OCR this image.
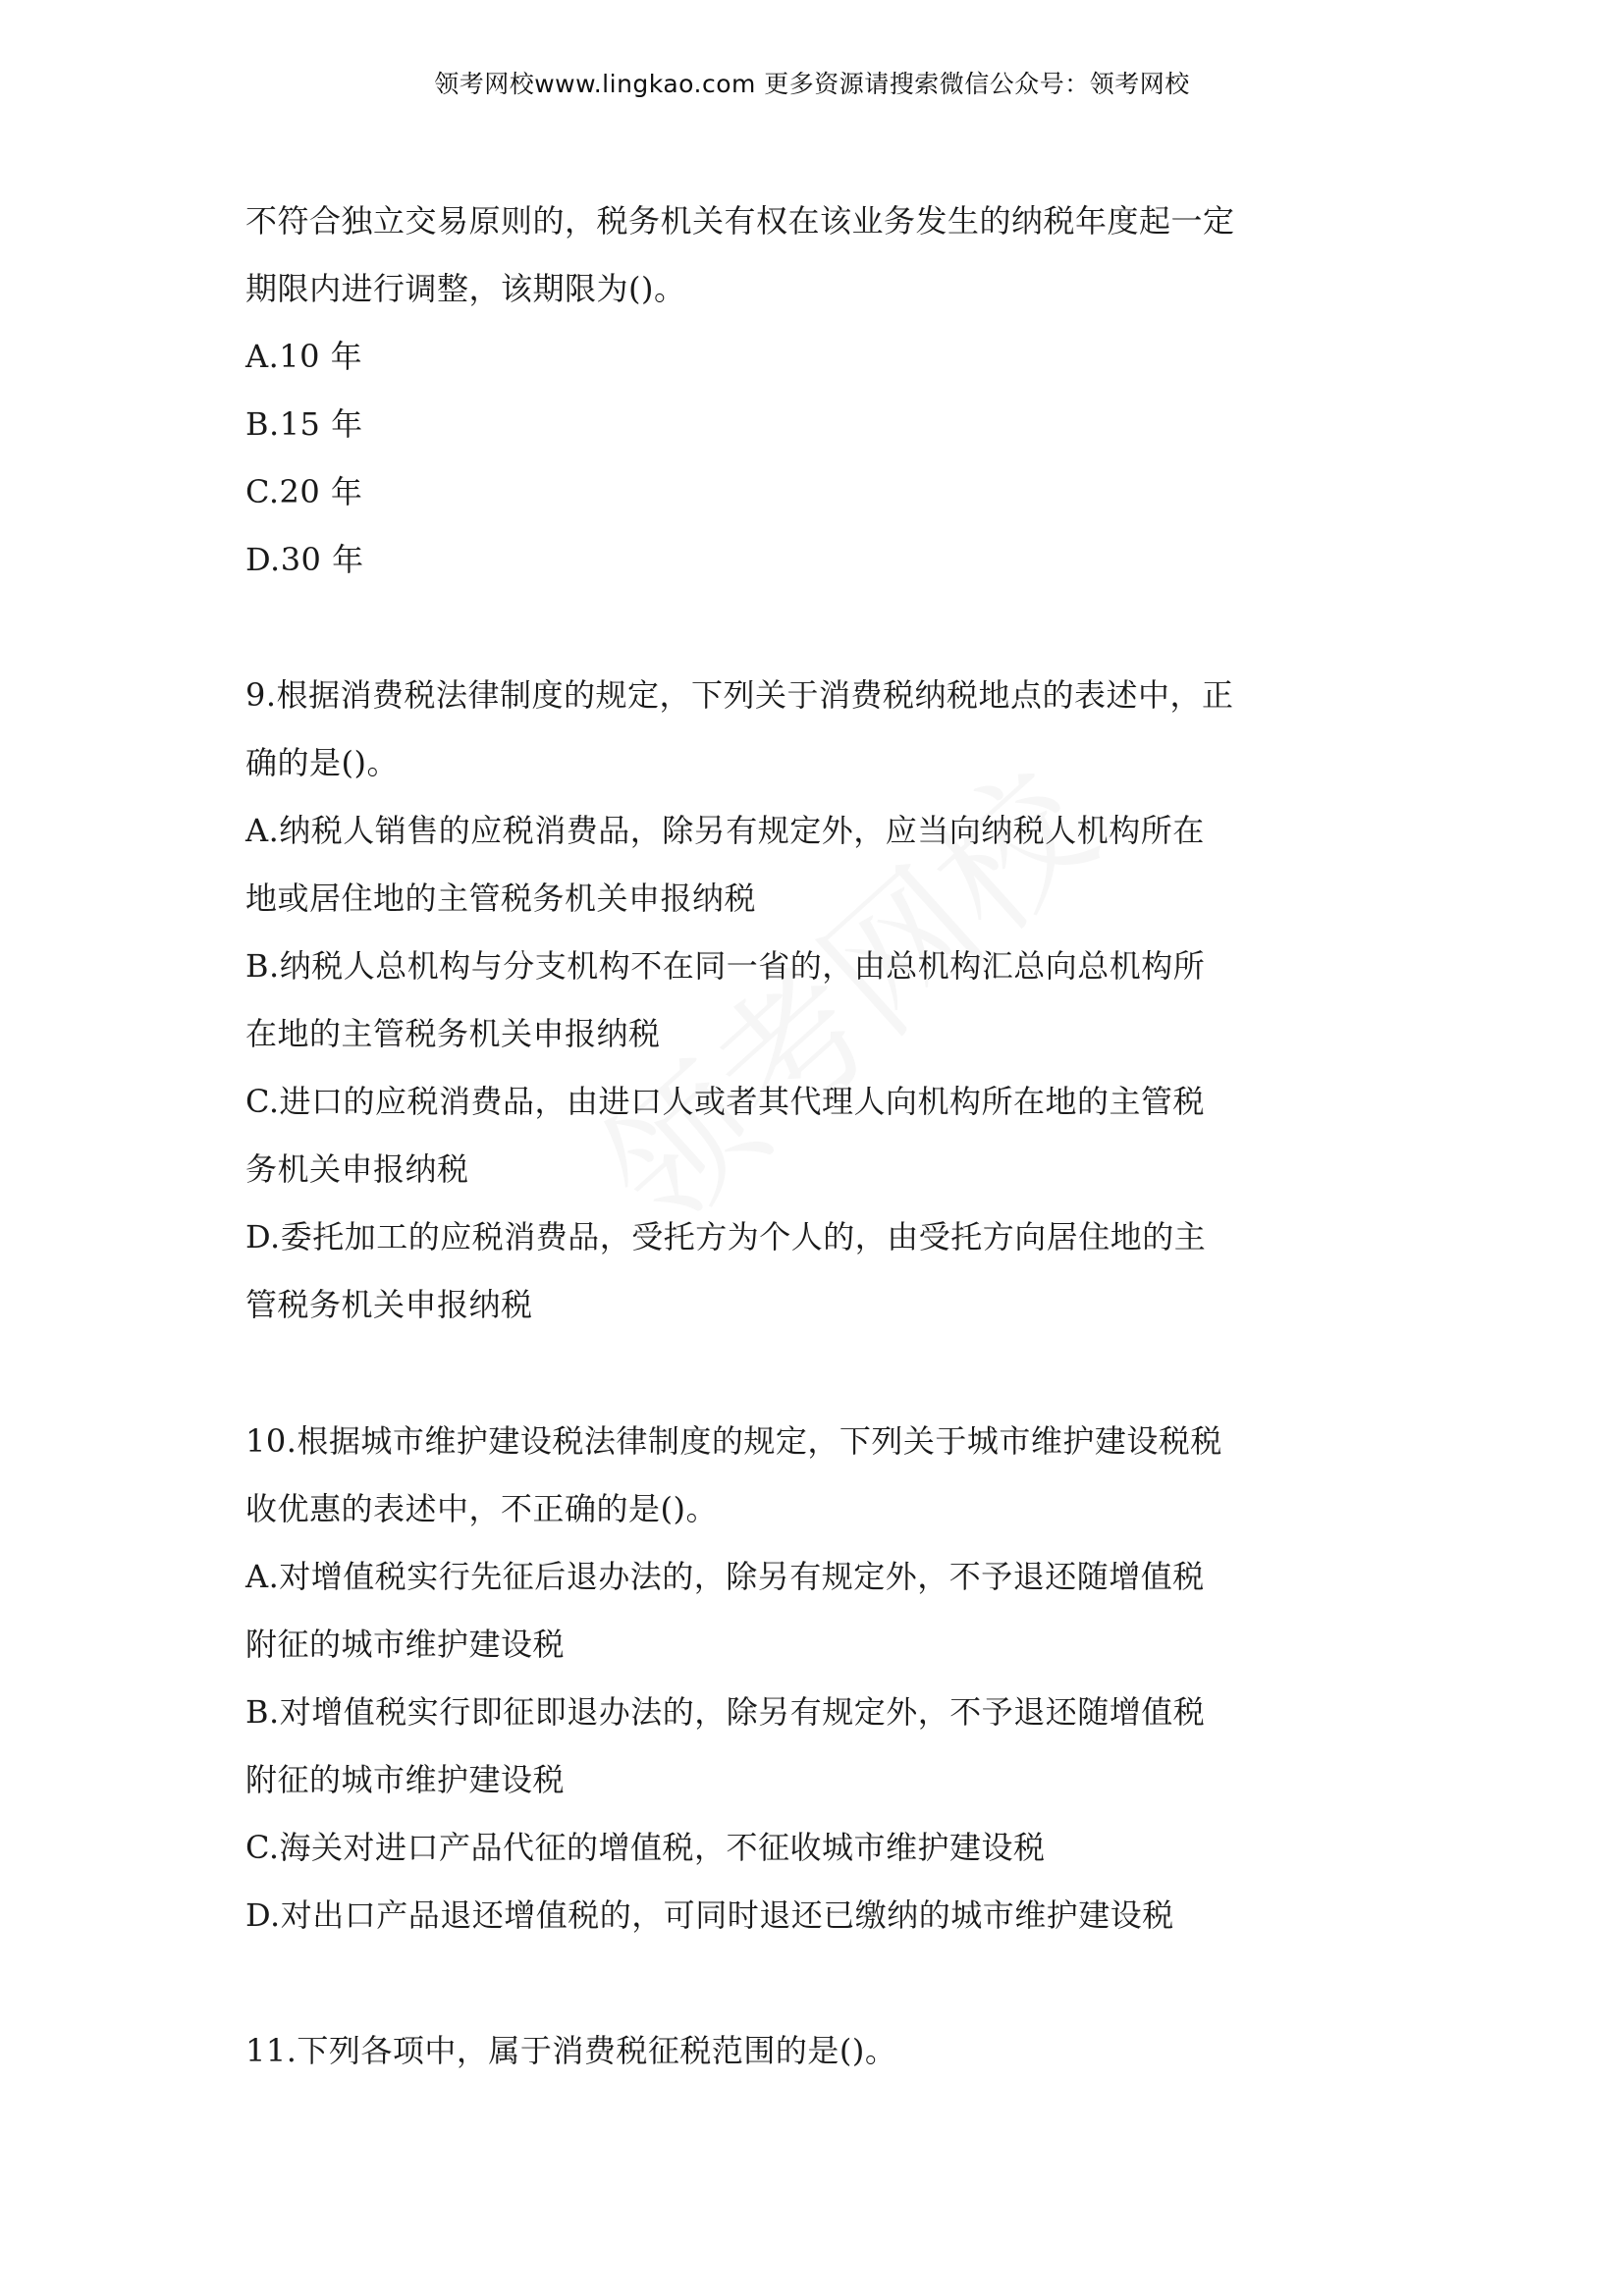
领考网校www.lingkao.com 更多资源请搜索微信公众号：领考网校
不符合独立交易原则的，税务机关有权在该业务发生的纳税年度起一定
期限内进行调整，该期限为()。
A.10 年
B.15 年
C.20 年
D.30 年
9.根据消费税法律制度的规定，下列关于消费税纳税地点的表述中，正
确的是()。
A.纳税人销售的应税消费品，除另有规定外，应当向纳税人机构所在
地或居住地的主管税务机关申报纳税
B.纳税人总机构与分支机构不在同一省的，由总机构汇总向总机构所
在地的主管税务机关申报纳税
C.进口的应税消费品，由进口人或者其代理人向机构所在地的主管税
务机关申报纳税
D.委托加工的应税消费品，受托方为个人的，由受托方向居住地的主
管税务机关申报纳税
10.根据城市维护建设税法律制度的规定，下列关于城市维护建设税税
收优惠的表述中，不正确的是()。
A.对增值税实行先征后退办法的，除另有规定外，不予退还随增值税
附征的城市维护建设税
B.对增值税实行即征即退办法的，除另有规定外，不予退还随增值税
附征的城市维护建设税
C.海关对进口产品代征的增值税，不征收城市维护建设税
D.对出口产品退还增值税的，可同时退还已缴纳的城市维护建设税
11.下列各项中，属于消费税征税范围的是()。
